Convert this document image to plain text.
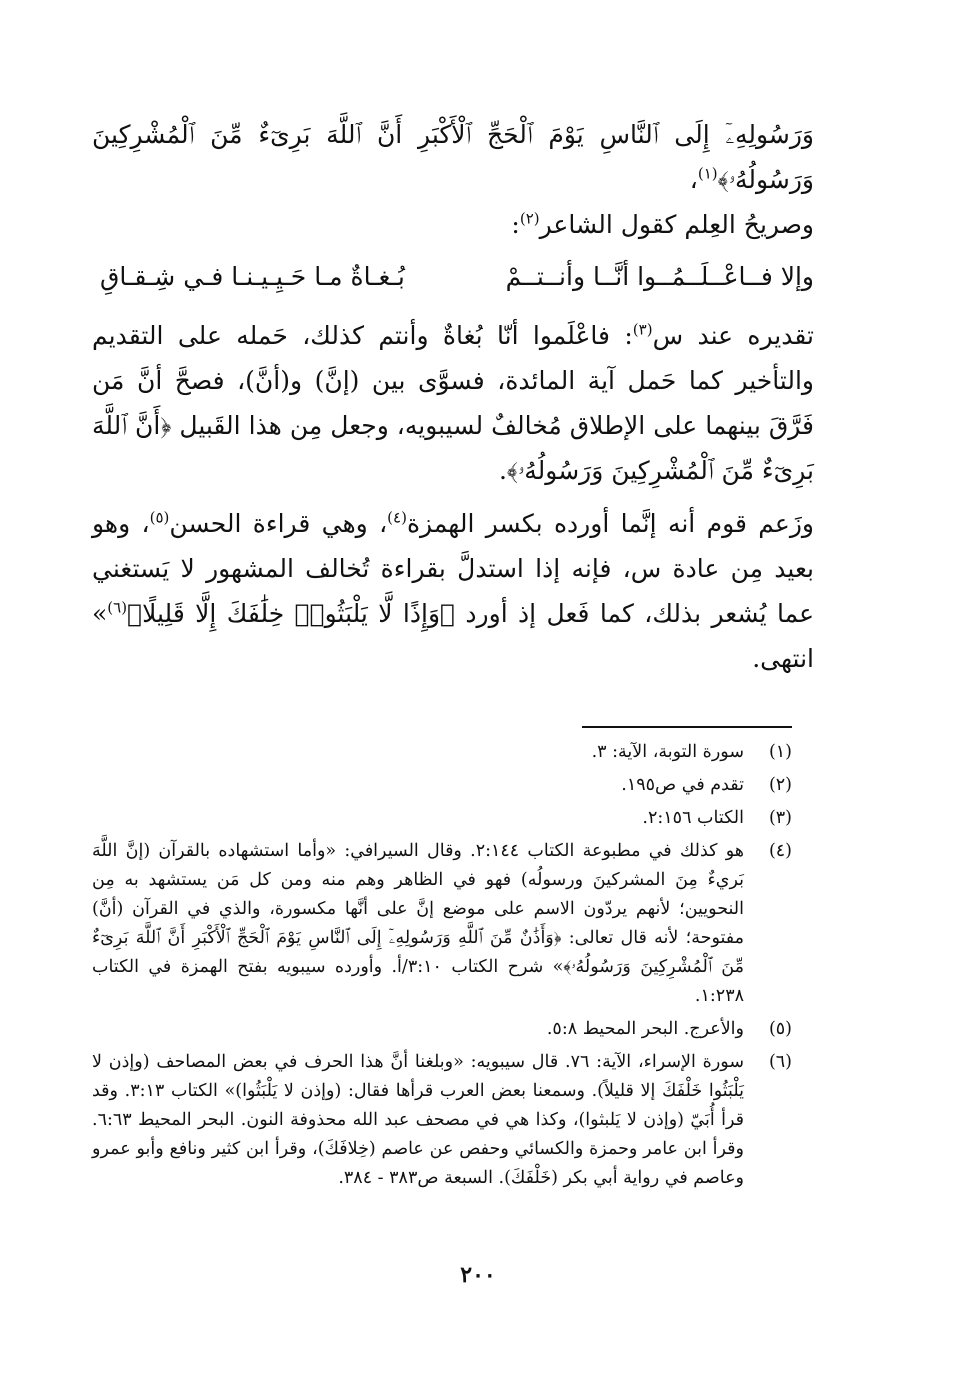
وَرَسُولِهِۦٓ إِلَى ٱلنَّاسِ يَوْمَ ٱلْحَجِّ ٱلْأَكْبَرِ أَنَّ ٱللَّهَ بَرِىٓءٌ مِّنَ ٱلْمُشْرِكِينَ وَرَسُولُهُۥ﴾$^{(١)}$،
وصريحُ العِلم كقول الشاعر$^{(٢)}$:

وإلا فــاعْــلَــمُــوا أنَّــا وأنــتــمْ
بُـغـاةٌ مـا حَـيِـيـنـا فـي شِـقـاقِ

تقديره عند س$^{(٣)}$: فاعْلَموا أنّا بُغاةٌ وأنتم كذلك، حَمله على التقديم والتأخير كما حَمل آية المائدة، فسوَّى بين (إنَّ) و(أنَّ)، فصحَّ أنَّ مَن فَرَّقَ بينهما على الإطلاق مُخالفٌ لسيبويه، وجعل مِن هذا القَبيل ﴿أَنَّ ٱللَّهَ بَرِىٓءٌ مِّنَ ٱلْمُشْرِكِينَ وَرَسُولُهُۥ﴾.

وزَعم قوم أنه إنَّما أورده بكسر الهمزة$^{(٤)}$، وهي قراءة الحسن$^{(٥)}$، وهو بعيد مِن عادة س، فإنه إذا استدلَّ بقراءة تُخالف المشهور لا يَستغني عما يُشعر بذلك، كما فَعل إذ أورد ﴿وَإِذًا لَّا يَلْبَثُوا۟ خِلَٰفَكَ إِلَّا قَلِيلًا﴾$^{(٦)}$» انتهى.

(١)
سورة التوبة، الآية: ٣.
(٢)
تقدم في ص١٩٥.
(٣)
الكتاب ٢:١٥٦.
(٤)
هو كذلك في مطبوعة الكتاب ٢:١٤٤. وقال السيرافي: «وأما استشهاده بالقرآن (إنَّ اللَّهَ بَريءٌ مِنَ المشركينَ ورسولُه) فهو في الظاهر وهم منه ومن كل مَن يستشهد به مِن النحويين؛ لأنهم يردّون الاسم على موضع إنَّ على أنَّها مكسورة، والذي في القرآن (أنَّ) مفتوحة؛ لأنه قال تعالى: ﴿وَأَذَٰنٌ مِّنَ ٱللَّهِ وَرَسُولِهِۦٓ إِلَى ٱلنَّاسِ يَوْمَ ٱلْحَجِّ ٱلْأَكْبَرِ أَنَّ ٱللَّهَ بَرِىٓءٌ مِّنَ ٱلْمُشْرِكِينَ وَرَسُولُهُۥ﴾» شرح الكتاب ٣:١٠/أ. وأورده سيبويه بفتح الهمزة في الكتاب ١:٢٣٨.
(٥)
والأعرج. البحر المحيط ٥:٨.
(٦)
سورة الإسراء، الآية: ٧٦. قال سيبويه: «وبلغنا أنَّ هذا الحرف في بعض المصاحف (وإذن لا يَلْبَثُوا خَلْفَكَ إلا قليلاً). وسمعنا بعض العرب قرأها فقال: (وإذن لا يَلْبَثُوا)» الكتاب ٣:١٣. وقد قرأ أُبَيّ (وإذن لا يَلبثوا)، وكذا هي في مصحف عبد الله محذوفة النون. البحر المحيط ٦:٦٣. وقرأ ابن عامر وحمزة والكسائي وحفص عن عاصم (خِلافَكَ)، وقرأ ابن كثير ونافع وأبو عمرو وعاصم في رواية أبي بكر (خَلْفَكَ). السبعة ص٣٨٣ - ٣٨٤.
٢٠٠
